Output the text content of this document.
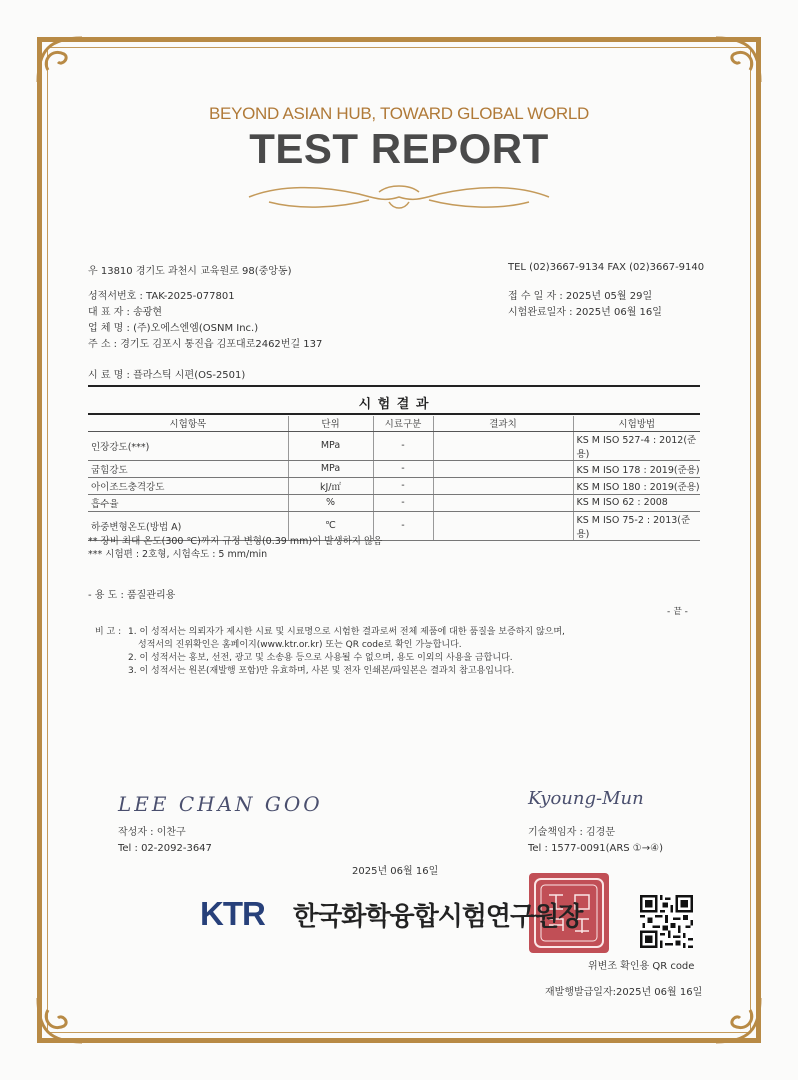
BEYOND ASIAN HUB, TOWARD GLOBAL WORLD
TEST REPORT
우 13810 경기도 과천시 교육원로 98(중앙동)	TEL (02)3667-9134 FAX (02)3667-9140
성적서번호 : TAK-2025-077801
대 표 자 : 송광현
업 체 명 : (주)오에스엔엠(OSNM Inc.)
주 소 : 경기도 김포시 통진읍 김포대로2462번길 137
접 수 일 자 : 2025년 05월 29일
시험완료일자 : 2025년 06월 16일
시 료 명 : 플라스틱 시편(OS-2501)
시 험 결 과
시험항목	단위	시료구분	결과치	시험방법
인장강도(***)	MPa	-		KS M ISO 527-4 : 2012(준용)
굽힘강도	MPa	-		KS M ISO 178 : 2019(준용)
아이조드충격강도	kJ/㎡	-		KS M ISO 180 : 2019(준용)
흡수율	%	-		KS M ISO 62 : 2008
하중변형온도(방법 A)	℃	-		KS M ISO 75-2 : 2013(준용)
** 장비 최대 온도(300 ℃)까지 규정 변형(0.39 mm)이 발생하지 않음
*** 시험편 : 2호형, 시험속도 : 5 mm/min
- 용 도 : 품질관리용
- 끝 -
비 고 : 1. 이 성적서는 의뢰자가 제시한 시료 및 시료명으로 시험한 결과로써 전체 제품에 대한 품질을 보증하지 않으며,
성적서의 진위확인은 홈페이지(www.ktr.or.kr) 또는 QR code로 확인 가능합니다.
2. 이 성적서는 홍보, 선전, 광고 및 소송용 등으로 사용될 수 없으며, 용도 이외의 사용을 금합니다.
3. 이 성적서는 원본(재발행 포함)만 유효하며, 사본 및 전자 인쇄본/파일본은 결과치 참고용입니다.
LEE CHAN GOO
작성자 : 이찬구
Tel : 02-2092-3647
Kyoung-Mun
기술책임자 : 김경문
Tel : 1577-0091(ARS ①→④)
2025년 06월 16일
KTR 한국화학융합시험연구원장
위변조 확인용 QR code
재발행발급일자:2025년 06월 16일
